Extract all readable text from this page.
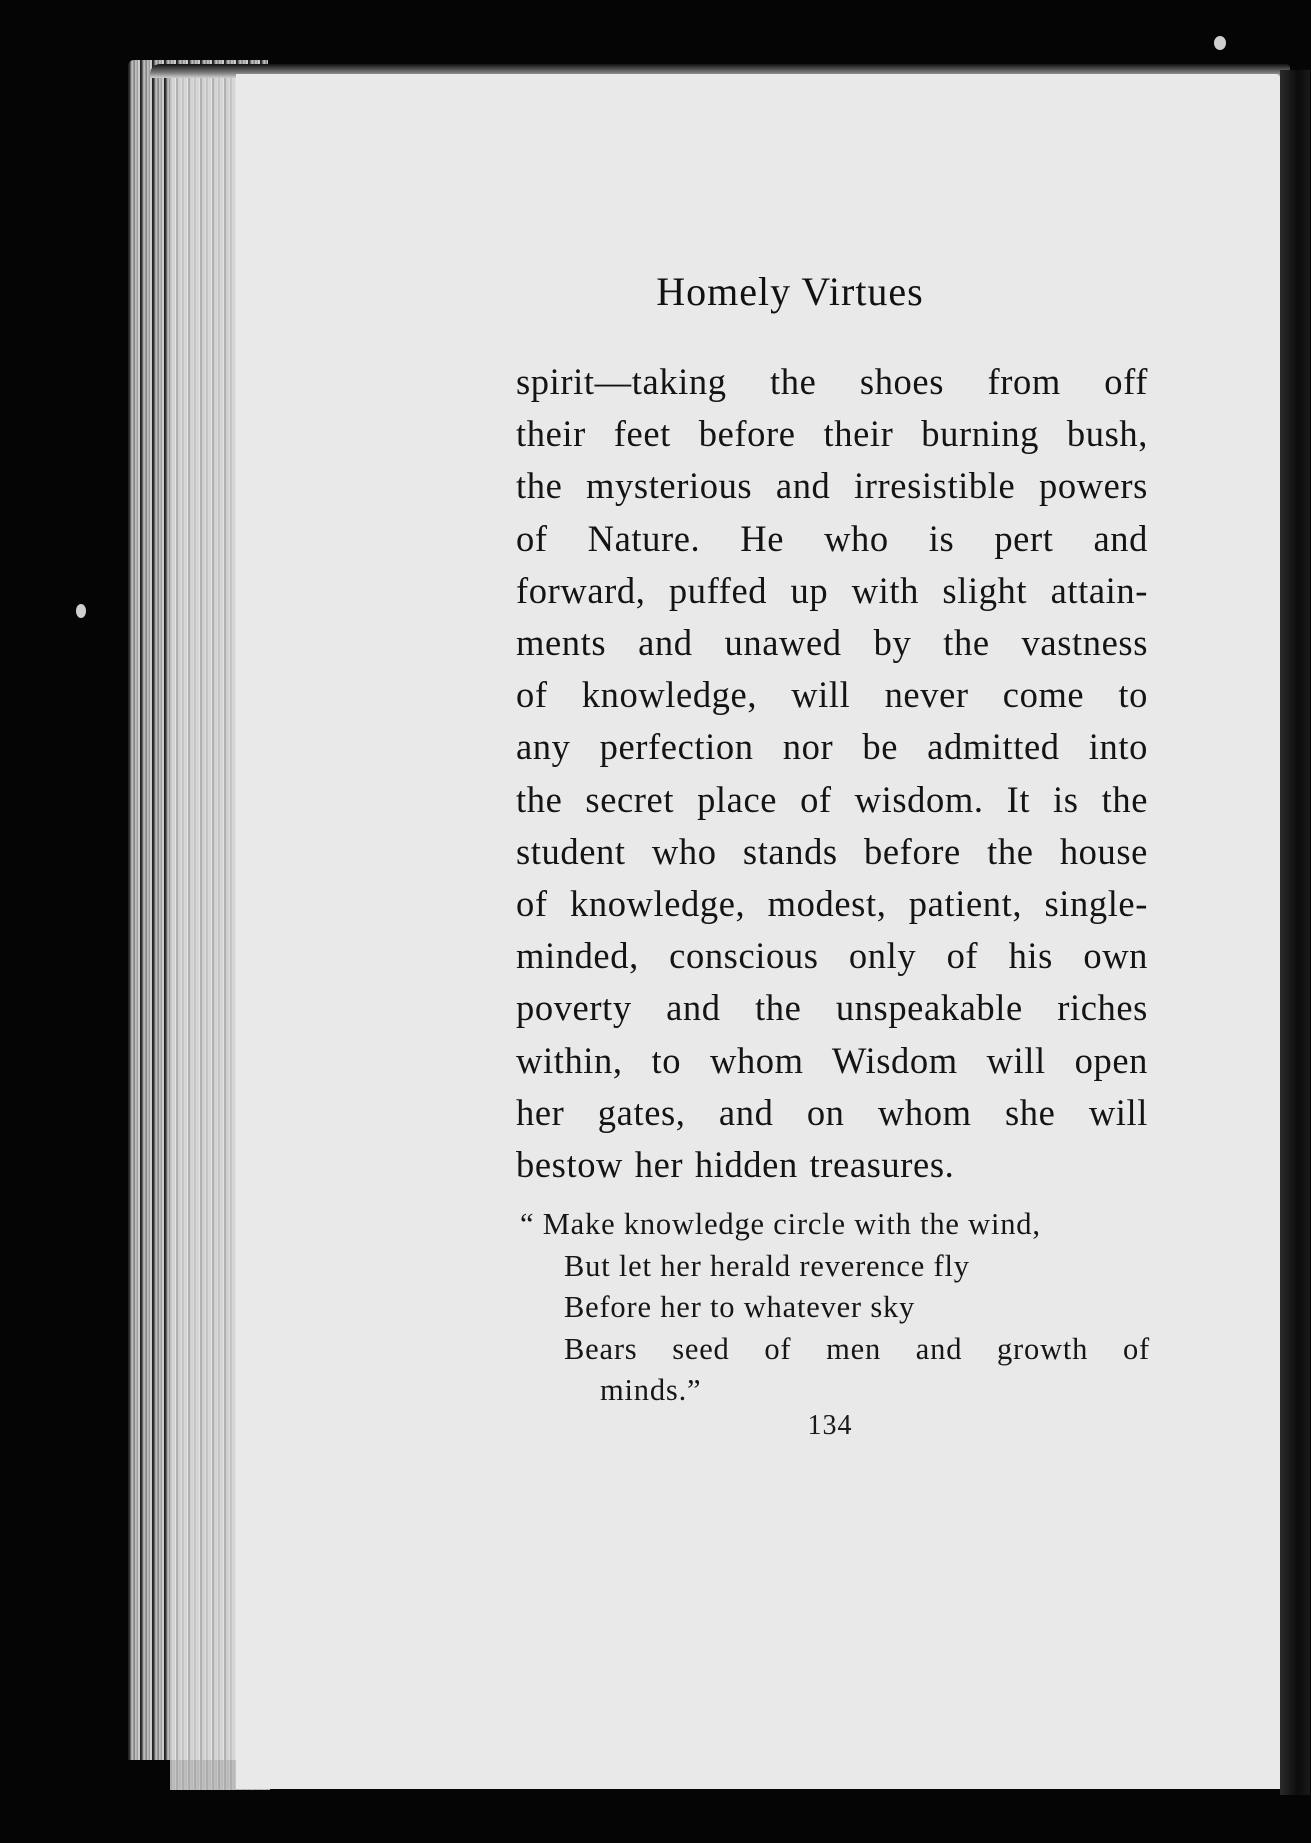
Homely Virtues
spirit—taking the shoes from off
their feet before their burning bush,
the mysterious and irresistible powers
of Nature. He who is pert and
forward, puffed up with slight attain-
ments and unawed by the vastness
of knowledge, will never come to
any perfection nor be admitted into
the secret place of wisdom. It is the
student who stands before the house
of knowledge, modest, patient, single-
minded, conscious only of his own
poverty and the unspeakable riches
within, to whom Wisdom will open
her gates, and on whom she will
bestow her hidden treasures.
“ Make knowledge circle with the wind,
But let her herald reverence fly
Before her to whatever sky
Bears seed of men and growth of
minds.”
134
